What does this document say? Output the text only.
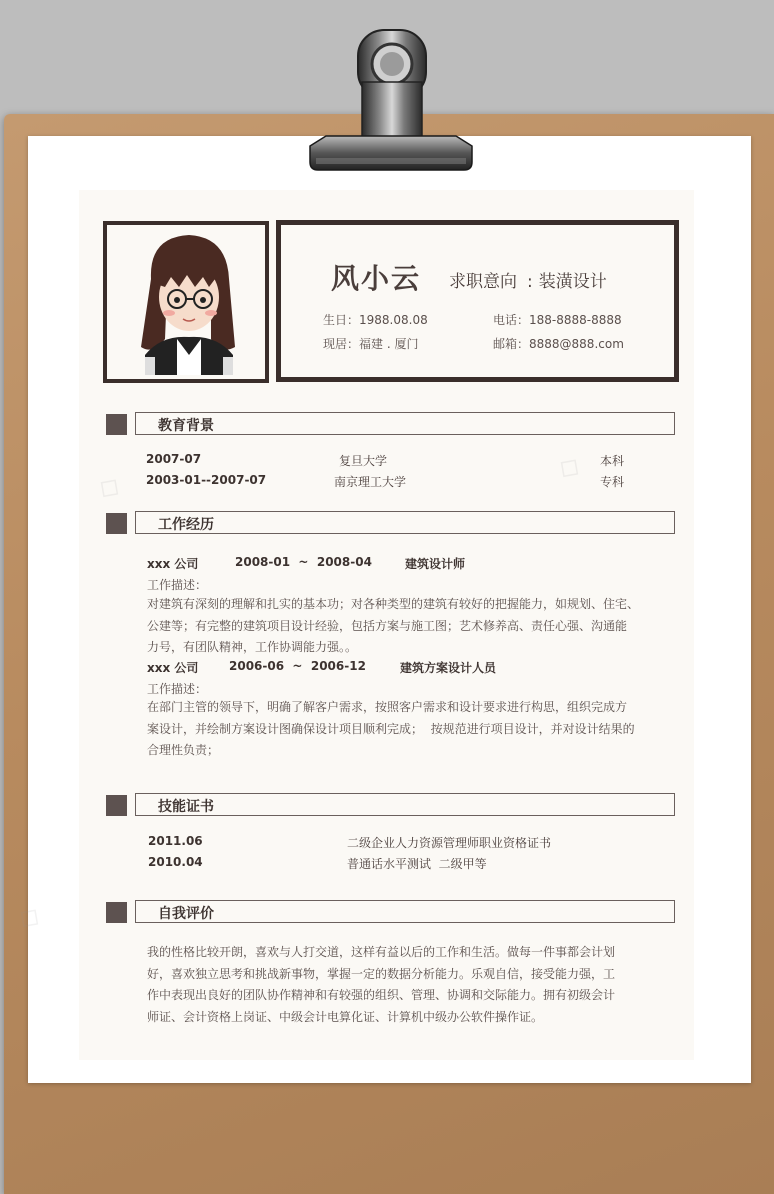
◇
◇
◇
风小云 求职意向 : 装潢设计
生日：1988.08.08
现居：福建 . 厦门
电话：188-8888-8888
邮箱：8888@888.com
教育背景
2007-07	复旦大学	本科
2003-01--2007-07	南京理工大学	专科
工作经历
xxx 公司	2008-01  ~  2008-04	建筑设计师
工作描述：
对建筑有深刻的理解和扎实的基本功；对各种类型的建筑有较好的把握能力，如规划、住宅、
公建等；有完整的建筑项目设计经验，包括方案与施工图；艺术修养高、责任心强、沟通能
力号，有团队精神，工作协调能力强。。
xxx 公司	2006-06  ~  2006-12	建筑方案设计人员
工作描述：
在部门主管的领导下，明确了解客户需求，按照客户需求和设计要求进行构思，组织完成方
案设计，并绘制方案设计图确保设计项目顺利完成；  按规范进行项目设计，并对设计结果的
合理性负责；
技能证书
2011.06	二级企业人力资源管理师职业资格证书
2010.04	普通话水平测试  二级甲等
自我评价
我的性格比较开朗，喜欢与人打交道，这样有益以后的工作和生活。做每一件事都会计划
好，喜欢独立思考和挑战新事物，掌握一定的数据分析能力。乐观自信，接受能力强，工
作中表现出良好的团队协作精神和有较强的组织、管理、协调和交际能力。拥有初级会计
师证、会计资格上岗证、中级会计电算化证、计算机中级办公软件操作证。
